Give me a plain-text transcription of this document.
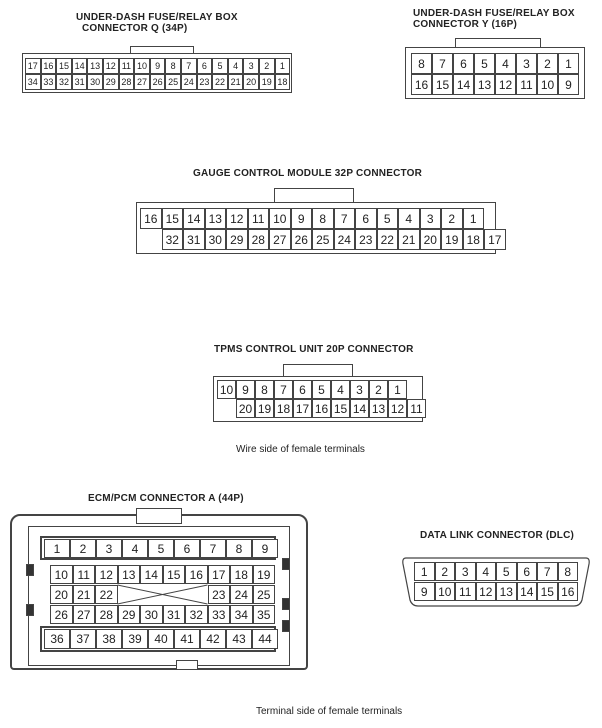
UNDER-DASH FUSE/RELAY BOX
CONNECTOR Q (34P)
17 16 15 14 13 12 11 10 9	8	7	6	5	4	3	2	1
34 33 32 31 30 29 28 27 26 25 24 23 22 21 20 19 18
UNDER-DASH FUSE/RELAY BOX
CONNECTOR Y (16P)
8	7	6	5	4	3	2	1
16 15 14 13 12 11 10 9
GAUGE CONTROL MODULE 32P CONNECTOR
16 15 14 13 12 11 10 9	8	7	6	5	4	3	2	1
32 31 30 29 28 27 26 25 24 23 22 21 20 19 18 17
TPMS CONTROL UNIT 20P CONNECTOR
10 9	8	7	6	5	4	3	2	1
20 19 18 17 16 15 14 13 12 11
Wire side of female terminals
ECM/PCM CONNECTOR A (44P)
1	2	3	4	5	6	7	8	9
10 11 12 13 14 15 16 17 18 19
20 21 22	23 24 25
26 27 28 29 30 31 32 33 34 35
36	37	38	39	40	41	42	43	44
DATA LINK CONNECTOR (DLC)
1	2	3	4	5	6	7	8
9 10 11 12 13 14 15 16
Terminal side of female terminals
